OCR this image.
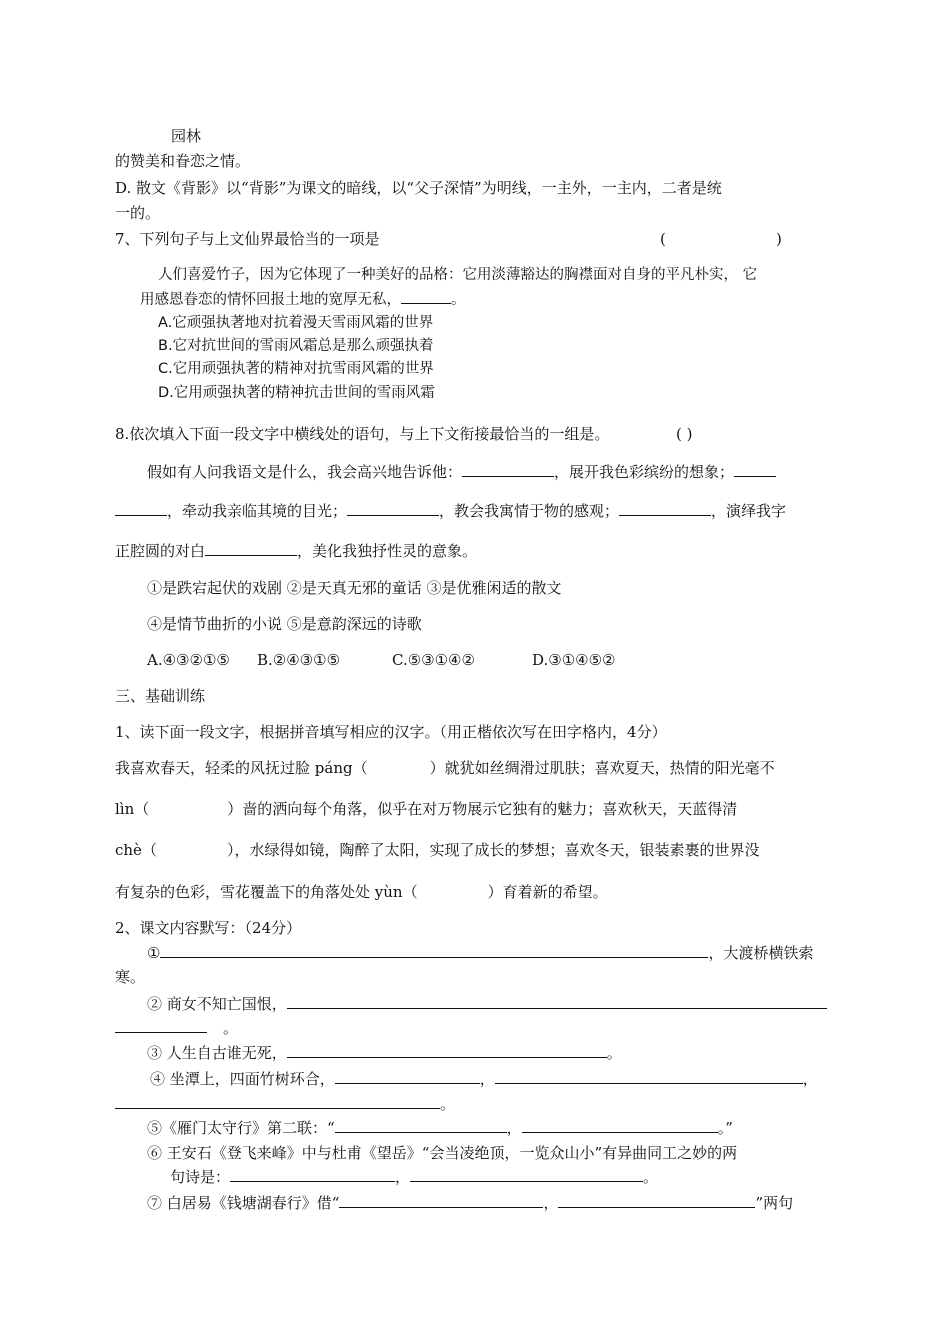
园林
的赞美和眷恋之情。
D. 散文《背影》以“背影”为课文的暗线，以“父子深情”为明线，一主外，一主内，二者是统
一的。
7、下列句子与上文仙界最恰当的一项是	(	)
人们喜爱竹子，因为它体现了一种美好的品格：它用淡薄豁达的胸襟面对自身的平凡朴实， 它
用感恩眷恋的情怀回报土地的宽厚无私，	。
A.它顽强执著地对抗着漫天雪雨风霜的世界
B.它对抗世间的雪雨风霜总是那么顽强执着
C.它用顽强执著的精神对抗雪雨风霜的世界
D.它用顽强执著的精神抗击世间的雪雨风霜
8.依次填入下面一段文字中横线处的语句，与上下文衔接最恰当的一组是。	( )
假如有人问我语文是什么，我会高兴地告诉他：	，展开我色彩缤纷的想象；
，牵动我亲临其境的目光；	，教会我寓情于物的感观；	，演绎我字
正腔圆的对白	，美化我独抒性灵的意象。
①是跌宕起伏的戏剧 ②是天真无邪的童话 ③是优雅闲适的散文
④是情节曲折的小说 ⑤是意韵深远的诗歌
A.④③②①⑤ B.②④③①⑤	C.⑤③①④②	D.③①④⑤②
三、基础训练
1、读下面一段文字，根据拼音填写相应的汉字。（用正楷依次写在田字格内，4分）
我喜欢春天，轻柔的风抚过脸 páng（	）就犹如丝绸滑过肌肤；喜欢夏天，热情的阳光毫不
lìn（	）啬的洒向每个角落，似乎在对万物展示它独有的魅力；喜欢秋天，天蓝得清
chè（	），水绿得如镜，陶醉了太阳，实现了成长的梦想；喜欢冬天，银装素裹的世界没
有复杂的色彩，雪花覆盖下的角落处处 yùn（	）育着新的希望。
2、课文内容默写：（24分）
①	，大渡桥横铁索
寒。
② 商女不知亡国恨，
。
③ 人生自古谁无死，	。
④ 坐潭上，四面竹树环合，	，	，
。
⑤《雁门太守行》第二联：“	，	。”
⑥ 王安石《登飞来峰》中与杜甫《望岳》“会当凌绝顶，一览众山小”有异曲同工之妙的两
句诗是：	，	。
⑦ 白居易《钱塘湖春行》借“	，	”两句
